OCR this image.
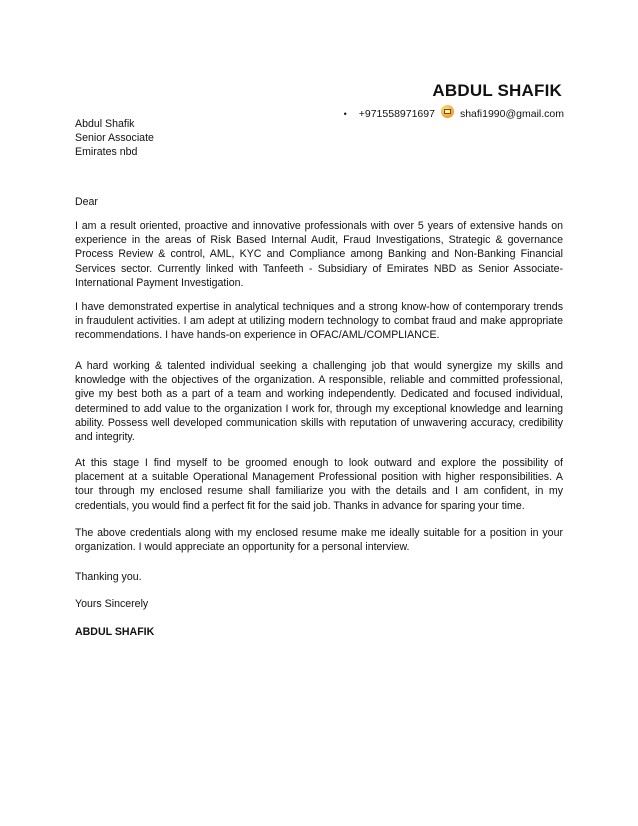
ABDUL SHAFIK
• +971558971697 shafi1990@gmail.com
Abdul Shafik
Senior Associate
Emirates nbd
Dear
I am a result oriented, proactive and innovative professionals with over 5 years of extensive hands on experience in the areas of Risk Based Internal Audit, Fraud Investigations, Strategic & governance Process Review & control, AML, KYC and Compliance among Banking and Non-Banking Financial Services sector. Currently linked with Tanfeeth - Subsidiary of Emirates NBD as Senior Associate-International Payment Investigation.
I have demonstrated expertise in analytical techniques and a strong know-how of contemporary trends in fraudulent activities. I am adept at utilizing modern technology to combat fraud and make appropriate recommendations. I have hands-on experience in OFAC/AML/COMPLIANCE.
A hard working & talented individual seeking a challenging job that would synergize my skills and knowledge with the objectives of the organization. A responsible, reliable and committed professional, give my best both as a part of a team and working independently. Dedicated and focused individual, determined to add value to the organization I work for, through my exceptional knowledge and learning ability. Possess well developed communication skills with reputation of unwavering accuracy, credibility and integrity.
At this stage I find myself to be groomed enough to look outward and explore the possibility of placement at a suitable Operational Management Professional position with higher responsibilities. A tour through my enclosed resume shall familiarize you with the details and I am confident, in my credentials, you would find a perfect fit for the said job. Thanks in advance for sparing your time.
The above credentials along with my enclosed resume make me ideally suitable for a position in your organization. I would appreciate an opportunity for a personal interview.
Thanking you.
Yours Sincerely
ABDUL SHAFIK
